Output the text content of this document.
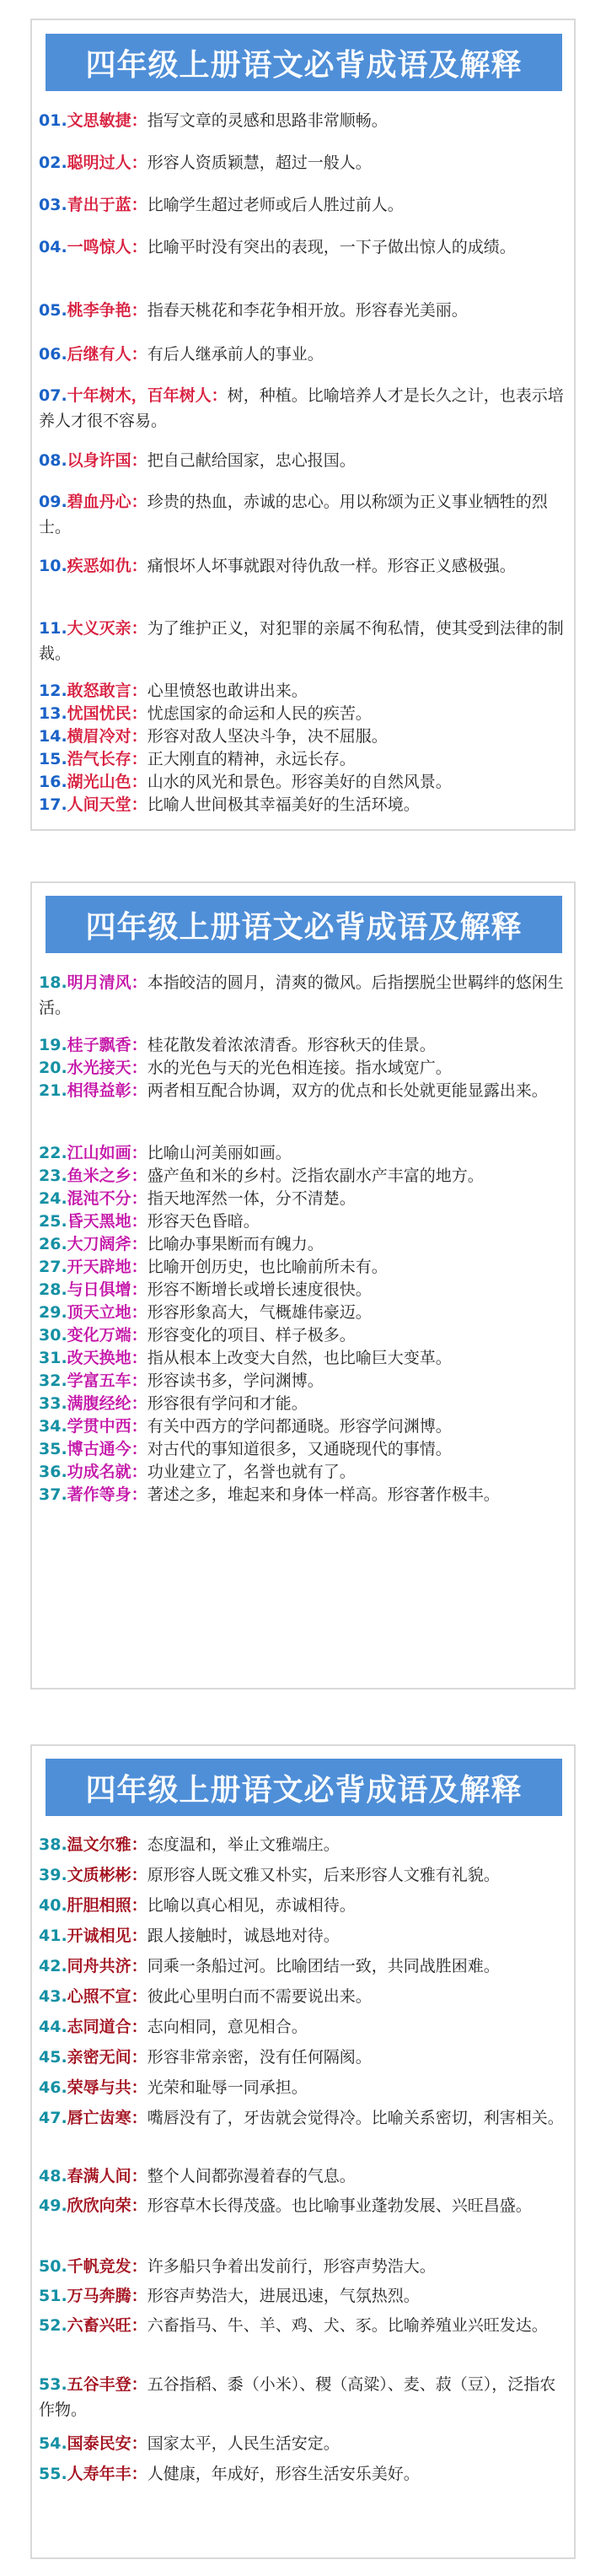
四年级上册语文必背成语及解释

01.文思敏捷：指写文章的灵感和思路非常顺畅。

02.聪明过人：形容人资质颖慧，超过一般人。

03.青出于蓝：比喻学生超过老师或后人胜过前人。

04.一鸣惊人：比喻平时没有突出的表现，一下子做出惊人的成绩。

05.桃李争艳：指春天桃花和李花争相开放。形容春光美丽。

06.后继有人：有后人继承前人的事业。

07.十年树木，百年树人：树，种植。比喻培养人才是长久之计，也表示培养人才很不容易。

08.以身许国：把自己献给国家，忠心报国。

09.碧血丹心：珍贵的热血，赤诚的忠心。用以称颂为正义事业牺牲的烈士。

10.疾恶如仇：痛恨坏人坏事就跟对待仇敌一样。形容正义感极强。

11.大义灭亲：为了维护正义，对犯罪的亲属不徇私情，使其受到法律的制裁。

12.敢怒敢言：心里愤怒也敢讲出来。

13.忧国忧民：忧虑国家的命运和人民的疾苦。

14.横眉冷对：形容对敌人坚决斗争，决不屈服。

15.浩气长存：正大刚直的精神，永远长存。

16.湖光山色：山水的风光和景色。形容美好的自然风景。

17.人间天堂：比喻人世间极其幸福美好的生活环境。

四年级上册语文必背成语及解释

18.明月清风：本指皎洁的圆月，清爽的微风。后指摆脱尘世羁绊的悠闲生活。

19.桂子飘香：桂花散发着浓浓清香。形容秋天的佳景。

20.水光接天：水的光色与天的光色相连接。指水域宽广。

21.相得益彰：两者相互配合协调，双方的优点和长处就更能显露出来。

22.江山如画：比喻山河美丽如画。

23.鱼米之乡：盛产鱼和米的乡村。泛指农副水产丰富的地方。

24.混沌不分：指天地浑然一体，分不清楚。

25.昏天黑地：形容天色昏暗。

26.大刀阔斧：比喻办事果断而有魄力。

27.开天辟地：比喻开创历史，也比喻前所未有。

28.与日俱增：形容不断增长或增长速度很快。

29.顶天立地：形容形象高大，气概雄伟豪迈。

30.变化万端：形容变化的项目、样子极多。

31.改天换地：指从根本上改变大自然，也比喻巨大变革。

32.学富五车：形容读书多，学问渊博。

33.满腹经纶：形容很有学问和才能。

34.学贯中西：有关中西方的学问都通晓。形容学问渊博。

35.博古通今：对古代的事知道很多，又通晓现代的事情。

36.功成名就：功业建立了，名誉也就有了。

37.著作等身：著述之多，堆起来和身体一样高。形容著作极丰。

四年级上册语文必背成语及解释

38.温文尔雅：态度温和，举止文雅端庄。

39.文质彬彬：原形容人既文雅又朴实，后来形容人文雅有礼貌。

40.肝胆相照：比喻以真心相见，赤诚相待。

41.开诚相见：跟人接触时，诚恳地对待。

42.同舟共济：同乘一条船过河。比喻团结一致，共同战胜困难。

43.心照不宣：彼此心里明白而不需要说出来。

44.志同道合：志向相同，意见相合。

45.亲密无间：形容非常亲密，没有任何隔阂。

46.荣辱与共：光荣和耻辱一同承担。

47.唇亡齿寒：嘴唇没有了，牙齿就会觉得冷。比喻关系密切，利害相关。

48.春满人间：整个人间都弥漫着春的气息。

49.欣欣向荣：形容草木长得茂盛。也比喻事业蓬勃发展、兴旺昌盛。

50.千帆竞发：许多船只争着出发前行，形容声势浩大。

51.万马奔腾：形容声势浩大，进展迅速，气氛热烈。

52.六畜兴旺：六畜指马、牛、羊、鸡、犬、豕。比喻养殖业兴旺发达。

53.五谷丰登：五谷指稻、黍（小米）、稷（高粱）、麦、菽（豆），泛指农作物。

54.国泰民安：国家太平，人民生活安定。

55.人寿年丰：人健康，年成好，形容生活安乐美好。
